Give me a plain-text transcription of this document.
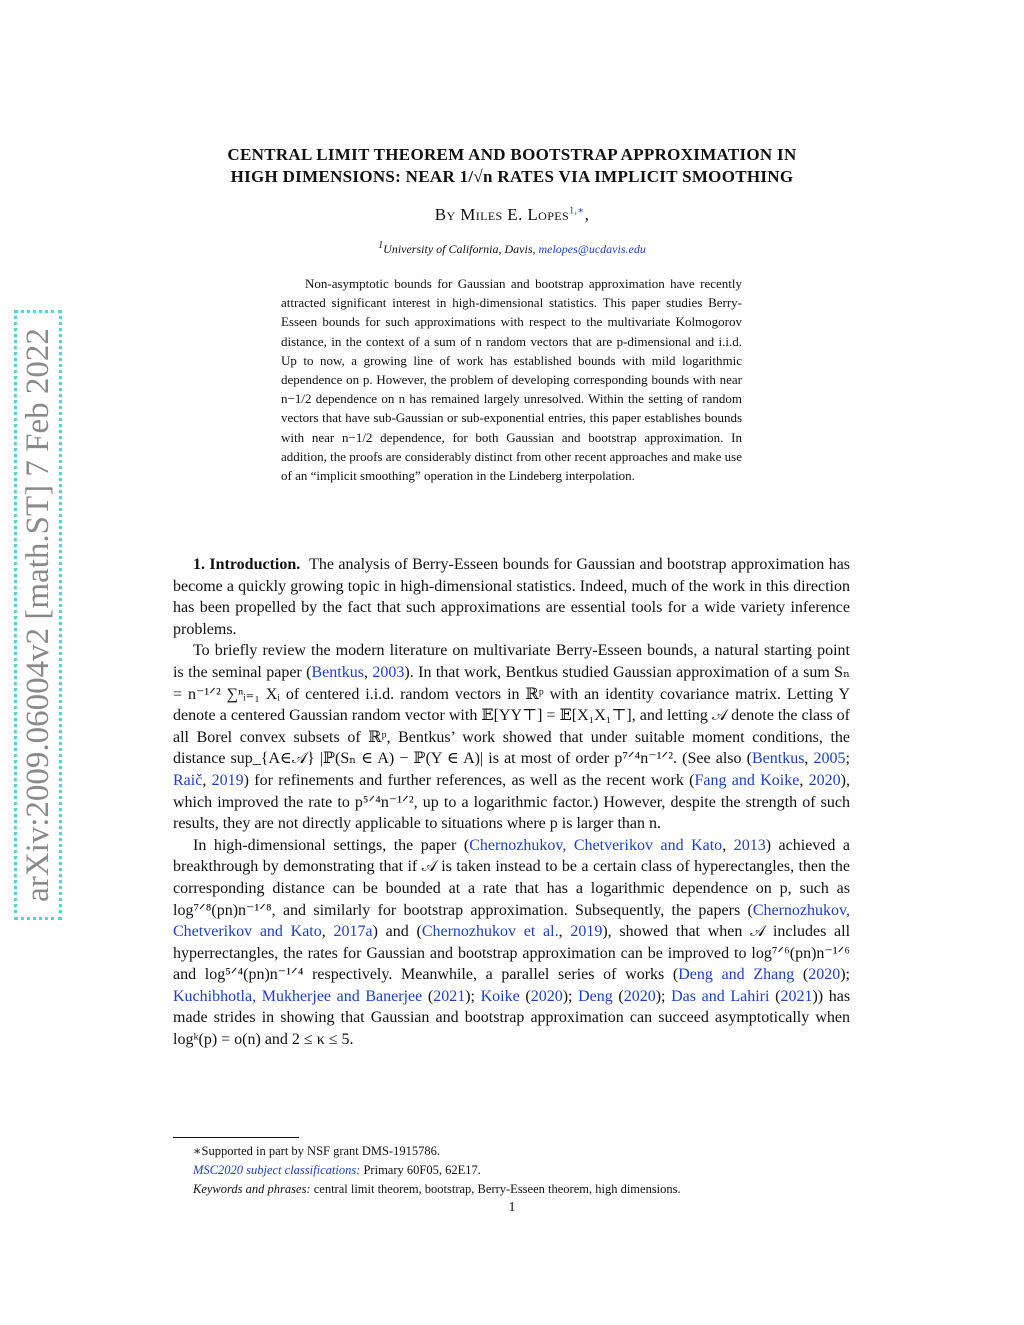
arXiv:2009.06004v2 [math.ST] 7 Feb 2022
CENTRAL LIMIT THEOREM AND BOOTSTRAP APPROXIMATION IN
HIGH DIMENSIONS: NEAR 1/√n RATES VIA IMPLICIT SMOOTHING
By Miles E. Lopes$^{1,∗}$,
$^1$University of California, Davis, melopes@ucdavis.edu
Non-asymptotic bounds for Gaussian and bootstrap approximation have recently attracted significant interest in high-dimensional statistics. This paper studies Berry-Esseen bounds for such approximations with respect to the multivariate Kolmogorov distance, in the context of a sum of n random vectors that are p-dimensional and i.i.d. Up to now, a growing line of work has established bounds with mild logarithmic dependence on p. However, the problem of developing corresponding bounds with near n−1/2 dependence on n has remained largely unresolved. Within the setting of random vectors that have sub-Gaussian or sub-exponential entries, this paper establishes bounds with near n−1/2 dependence, for both Gaussian and bootstrap approximation. In addition, the proofs are considerably distinct from other recent approaches and make use of an “implicit smoothing” operation in the Lindeberg interpolation.

1. Introduction. The analysis of Berry-Esseen bounds for Gaussian and bootstrap approximation has become a quickly growing topic in high-dimensional statistics. Indeed, much of the work in this direction has been propelled by the fact that such approximations are essential tools for a wide variety inference problems.

To briefly review the modern literature on multivariate Berry-Esseen bounds, a natural starting point is the seminal paper (Bentkus, 2003). In that work, Bentkus studied Gaussian approximation of a sum Sₙ = n⁻¹ᐟ² ∑ⁿᵢ₌₁ Xᵢ of centered i.i.d. random vectors in ℝᵖ with an identity covariance matrix. Letting Y denote a centered Gaussian random vector with 𝔼[YY⊤] = 𝔼[X₁X₁⊤], and letting 𝒜 denote the class of all Borel convex subsets of ℝᵖ, Bentkus’ work showed that under suitable moment conditions, the distance sup_{A∈𝒜} |ℙ(Sₙ ∈ A) − ℙ(Y ∈ A)| is at most of order p⁷ᐟ⁴n⁻¹ᐟ². (See also (Bentkus, 2005; Raič, 2019) for refinements and further references, as well as the recent work (Fang and Koike, 2020), which improved the rate to p⁵ᐟ⁴n⁻¹ᐟ², up to a logarithmic factor.) However, despite the strength of such results, they are not directly applicable to situations where p is larger than n.

In high-dimensional settings, the paper (Chernozhukov, Chetverikov and Kato, 2013) achieved a breakthrough by demonstrating that if 𝒜 is taken instead to be a certain class of hyperectangles, then the corresponding distance can be bounded at a rate that has a logarithmic dependence on p, such as log⁷ᐟ⁸(pn)n⁻¹ᐟ⁸, and similarly for bootstrap approximation. Subsequently, the papers (Chernozhukov, Chetverikov and Kato, 2017a) and (Chernozhukov et al., 2019), showed that when 𝒜 includes all hyperrectangles, the rates for Gaussian and bootstrap approximation can be improved to log⁷ᐟ⁶(pn)n⁻¹ᐟ⁶ and log⁵ᐟ⁴(pn)n⁻¹ᐟ⁴ respectively. Meanwhile, a parallel series of works (Deng and Zhang (2020); Kuchibhotla, Mukherjee and Banerjee (2021); Koike (2020); Deng (2020); Das and Lahiri (2021)) has made strides in showing that Gaussian and bootstrap approximation can succeed asymptotically when logᵏ(p) = o(n) and 2 ≤ κ ≤ 5.

∗Supported in part by NSF grant DMS-1915786.
MSC2020 subject classifications: Primary 60F05, 62E17.
Keywords and phrases: central limit theorem, bootstrap, Berry-Esseen theorem, high dimensions.
1
